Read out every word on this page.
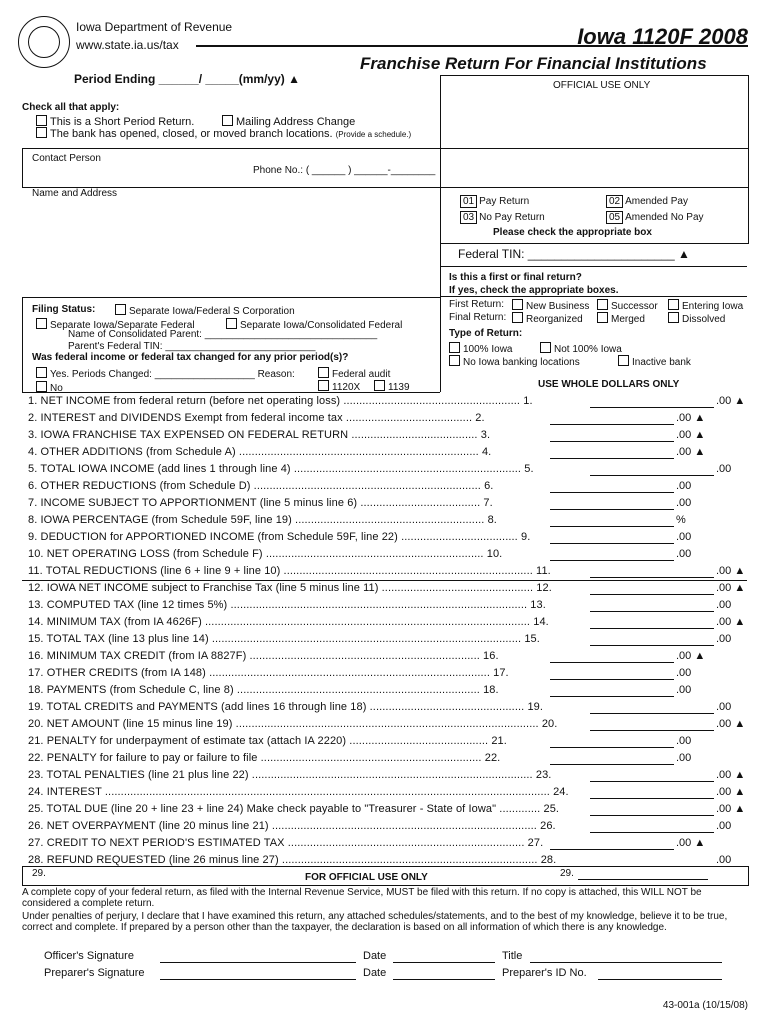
Iowa Department of Revenue
www.state.ia.us/tax	Iowa 1120F 2008
Franchise Return For Financial Institutions
Period Ending ______/ _____(mm/yy) ▲	OFFICIAL USE ONLY
Check all that apply:
This is a Short Period Return.	Mailing Address Change
The bank has opened, closed, or moved branch locations. (Provide a schedule.)
Contact Person
Phone No.: ( ______ ) ______-________
Name and Address
01 Pay Return	02 Amended Pay
03 No Pay Return	05 Amended No Pay
Please check the appropriate box
Federal TIN: ______________________ ▲
Is this a first or final return?
If yes, check the appropriate boxes.
First Return:	New Business	Successor	Entering Iowa
Final Return:	Reorganized	Merged	Dissolved
Type of Return:
100% Iowa	Not 100% Iowa
No Iowa banking locations	Inactive bank
USE WHOLE DOLLARS ONLY
Filing Status:	Separate Iowa/Federal S Corporation
Separate Iowa/Separate Federal	Separate Iowa/Consolidated Federal
Name of Consolidated Parent: _______________________________
Parent's Federal TIN: ___________________________
Was federal income or federal tax changed for any prior period(s)?
Yes. Periods Changed: __________________ Reason:	Federal audit
No	1120X	1139
1. NET INCOME from federal return (before net operating loss) ........................................................ 1.	.00 ▲
2. INTEREST and DIVIDENDS Exempt from federal income tax ........................................ 2.	.00 ▲
3. IOWA FRANCHISE TAX EXPENSED ON FEDERAL RETURN ........................................ 3.	.00 ▲
4. OTHER ADDITIONS (from Schedule A) ............................................................................ 4.	.00 ▲
5. TOTAL IOWA INCOME (add lines 1 through line 4) ........................................................................ 5.	.00
6. OTHER REDUCTIONS (from Schedule D) ........................................................................ 6.	.00
7. INCOME SUBJECT TO APPORTIONMENT (line 5 minus line 6) ...................................... 7.	.00
8. IOWA PERCENTAGE (from Schedule 59F, line 19) ............................................................ 8.	%
9. DEDUCTION for APPORTIONED INCOME (from Schedule 59F, line 22) ..................................... 9.	.00
10. NET OPERATING LOSS (from Schedule F) ..................................................................... 10.	.00
11. TOTAL REDUCTIONS (line 6 + line 9 + line 10) ............................................................................... 11.	.00 ▲
12. IOWA NET INCOME subject to Franchise Tax (line 5 minus line 11) ................................................ 12.	.00 ▲
13. COMPUTED TAX (line 12 times 5%) .............................................................................................. 13.	.00
14. MINIMUM TAX (from IA 4626F) ....................................................................................................... 14.	.00 ▲
15. TOTAL TAX (line 13 plus line 14) .................................................................................................. 15.	.00
16. MINIMUM TAX CREDIT (from IA 8827F) ......................................................................... 16.	.00 ▲
17. OTHER CREDITS (from IA 148) ......................................................................................... 17.	.00
18. PAYMENTS (from Schedule C, line 8) ............................................................................. 18.	.00
19. TOTAL CREDITS and PAYMENTS (add lines 16 through line 18) ................................................. 19.	.00
20. NET AMOUNT (line 15 minus line 19) ................................................................................................ 20.	.00 ▲
21. PENALTY for underpayment of estimate tax (attach IA 2220) ............................................ 21.	.00
22. PENALTY for failure to pay or failure to file ...................................................................... 22.	.00
23. TOTAL PENALTIES (line 21 plus line 22) ......................................................................................... 23.	.00 ▲
24. INTEREST ............................................................................................................................................. 24.	.00 ▲
25. TOTAL DUE (line 20 + line 23 + line 24) Make check payable to "Treasurer - State of Iowa" ............. 25.	.00 ▲
26. NET OVERPAYMENT (line 20 minus line 21) .................................................................................... 26.	.00
27. CREDIT TO NEXT PERIOD'S ESTIMATED TAX ........................................................................... 27.	.00 ▲
28. REFUND REQUESTED (line 26 minus line 27) ................................................................................. 28.	.00
29.	FOR OFFICIAL USE ONLY	29.
A complete copy of your federal return, as filed with the Internal Revenue Service, MUST be filed with this return. If no copy is attached, this WILL NOT be considered a complete return.
Under penalties of perjury, I declare that I have examined this return, any attached schedules/statements, and to the best of my knowledge, believe it to be true, correct and complete. If prepared by a person other than the taxpayer, the declaration is based on all information of which there is any knowledge.
Officer's Signature	Date	Title
Preparer's Signature	Date	Preparer's ID No.
43-001a (10/15/08)
